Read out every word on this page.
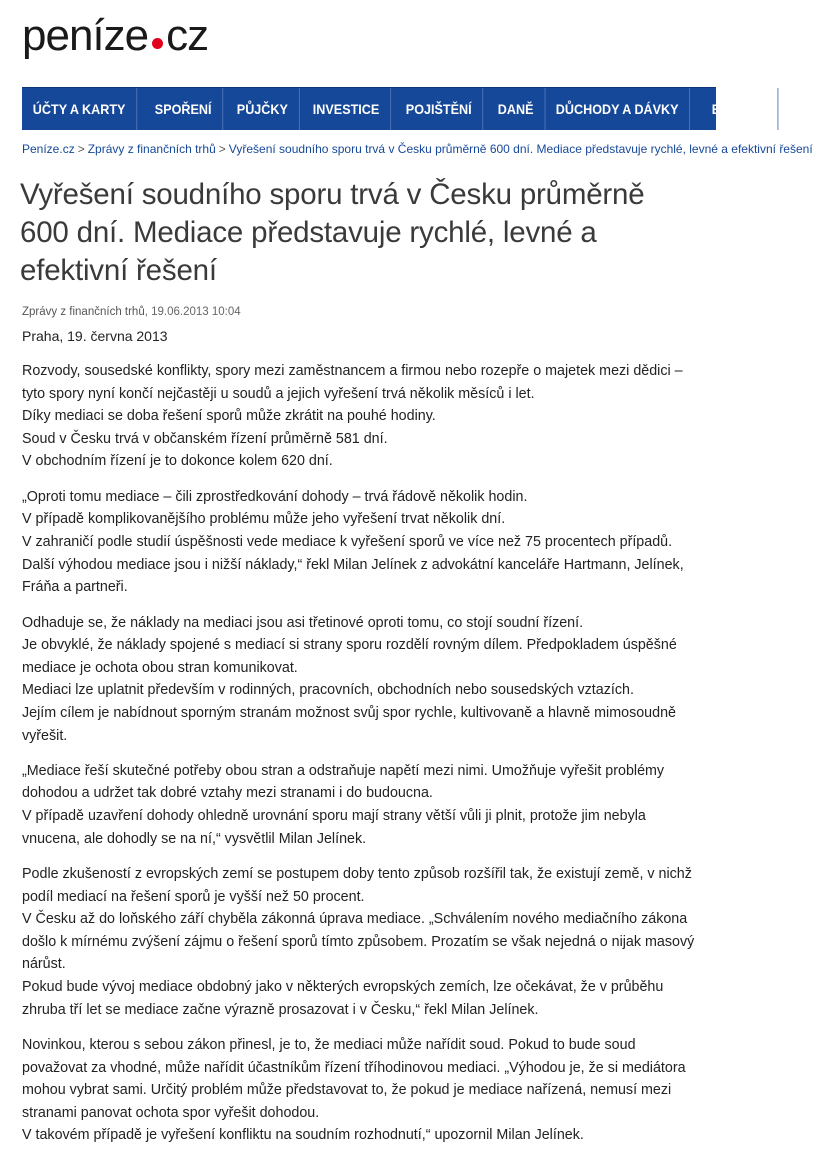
peníze cz
ÚČTY A KARTY	SPOŘENÍ	PŮJČKY	INVESTICE	POJIŠTĚNÍ	DANĚ	DŮCHODY A DÁVKY	BYDLENÍ	ZAM
Peníze.cz > Zprávy z finančních trhů > Vyřešení soudního sporu trvá v Česku průměrně 600 dní. Mediace představuje rychlé, levné a efektivní řešení
Vyřešení soudního sporu trvá v Česku průměrně 600 dní. Mediace představuje rychlé, levné a efektivní řešení
Zprávy z finančních trhů, 19.06.2013 10:04
Praha, 19. června 2013

Rozvody, sousedské konflikty, spory mezi zaměstnancem a firmou nebo rozepře o majetek mezi dědici – tyto spory nyní končí nejčastěji u soudů a jejich vyřešení trvá několik měsíců i let.
Díky mediaci se doba řešení sporů může zkrátit na pouhé hodiny.
Soud v Česku trvá v občanském řízení průměrně 581 dní.
V obchodním řízení je to dokonce kolem 620 dní.

„Oproti tomu mediace – čili zprostředkování dohody – trvá řádově několik hodin.
V případě komplikovanějšího problému může jeho vyřešení trvat několik dní.
V zahraničí podle studií úspěšnosti vede mediace k vyřešení sporů ve více než 75 procentech případů.
Další výhodou mediace jsou i nižší náklady,“ řekl Milan Jelínek z advokátní kanceláře Hartmann, Jelínek, Fráňa a partneři.

Odhaduje se, že náklady na mediaci jsou asi třetinové oproti tomu, co stojí soudní řízení.
Je obvyklé, že náklady spojené s mediací si strany sporu rozdělí rovným dílem. Předpokladem úspěšné mediace je ochota obou stran komunikovat.
Mediaci lze uplatnit především v rodinných, pracovních, obchodních nebo sousedských vztazích.
Jejím cílem je nabídnout sporným stranám možnost svůj spor rychle, kultivovaně a hlavně mimosoudně vyřešit.

„Mediace řeší skutečné potřeby obou stran a odstraňuje napětí mezi nimi. Umožňuje vyřešit problémy dohodou a udržet tak dobré vztahy mezi stranami i do budoucna.
V případě uzavření dohody ohledně urovnání sporu mají strany větší vůli ji plnit, protože jim nebyla vnucena, ale dohodly se na ní,“ vysvětlil Milan Jelínek.

Podle zkušeností z evropských zemí se postupem doby tento způsob rozšířil tak, že existují země, v nichž podíl mediací na řešení sporů je vyšší než 50 procent.
V Česku až do loňského září chyběla zákonná úprava mediace. „Schválením nového mediačního zákona došlo k mírnému zvýšení zájmu o řešení sporů tímto způsobem. Prozatím se však nejedná o nijak masový nárůst.
Pokud bude vývoj mediace obdobný jako v některých evropských zemích, lze očekávat, že v průběhu zhruba tří let se mediace začne výrazně prosazovat i v Česku,“ řekl Milan Jelínek.

Novinkou, kterou s sebou zákon přinesl, je to, že mediaci může nařídit soud. Pokud to bude soud považovat za vhodné, může nařídit účastníkům řízení tříhodinovou mediaci. „Výhodou je, že si mediátora mohou vybrat sami. Určitý problém může představovat to, že pokud je mediace nařízená, nemusí mezi stranami panovat ochota spor vyřešit dohodou.
V takovém případě je vyřešení konfliktu na soudním rozhodnutí,“ upozornil Milan Jelínek.
